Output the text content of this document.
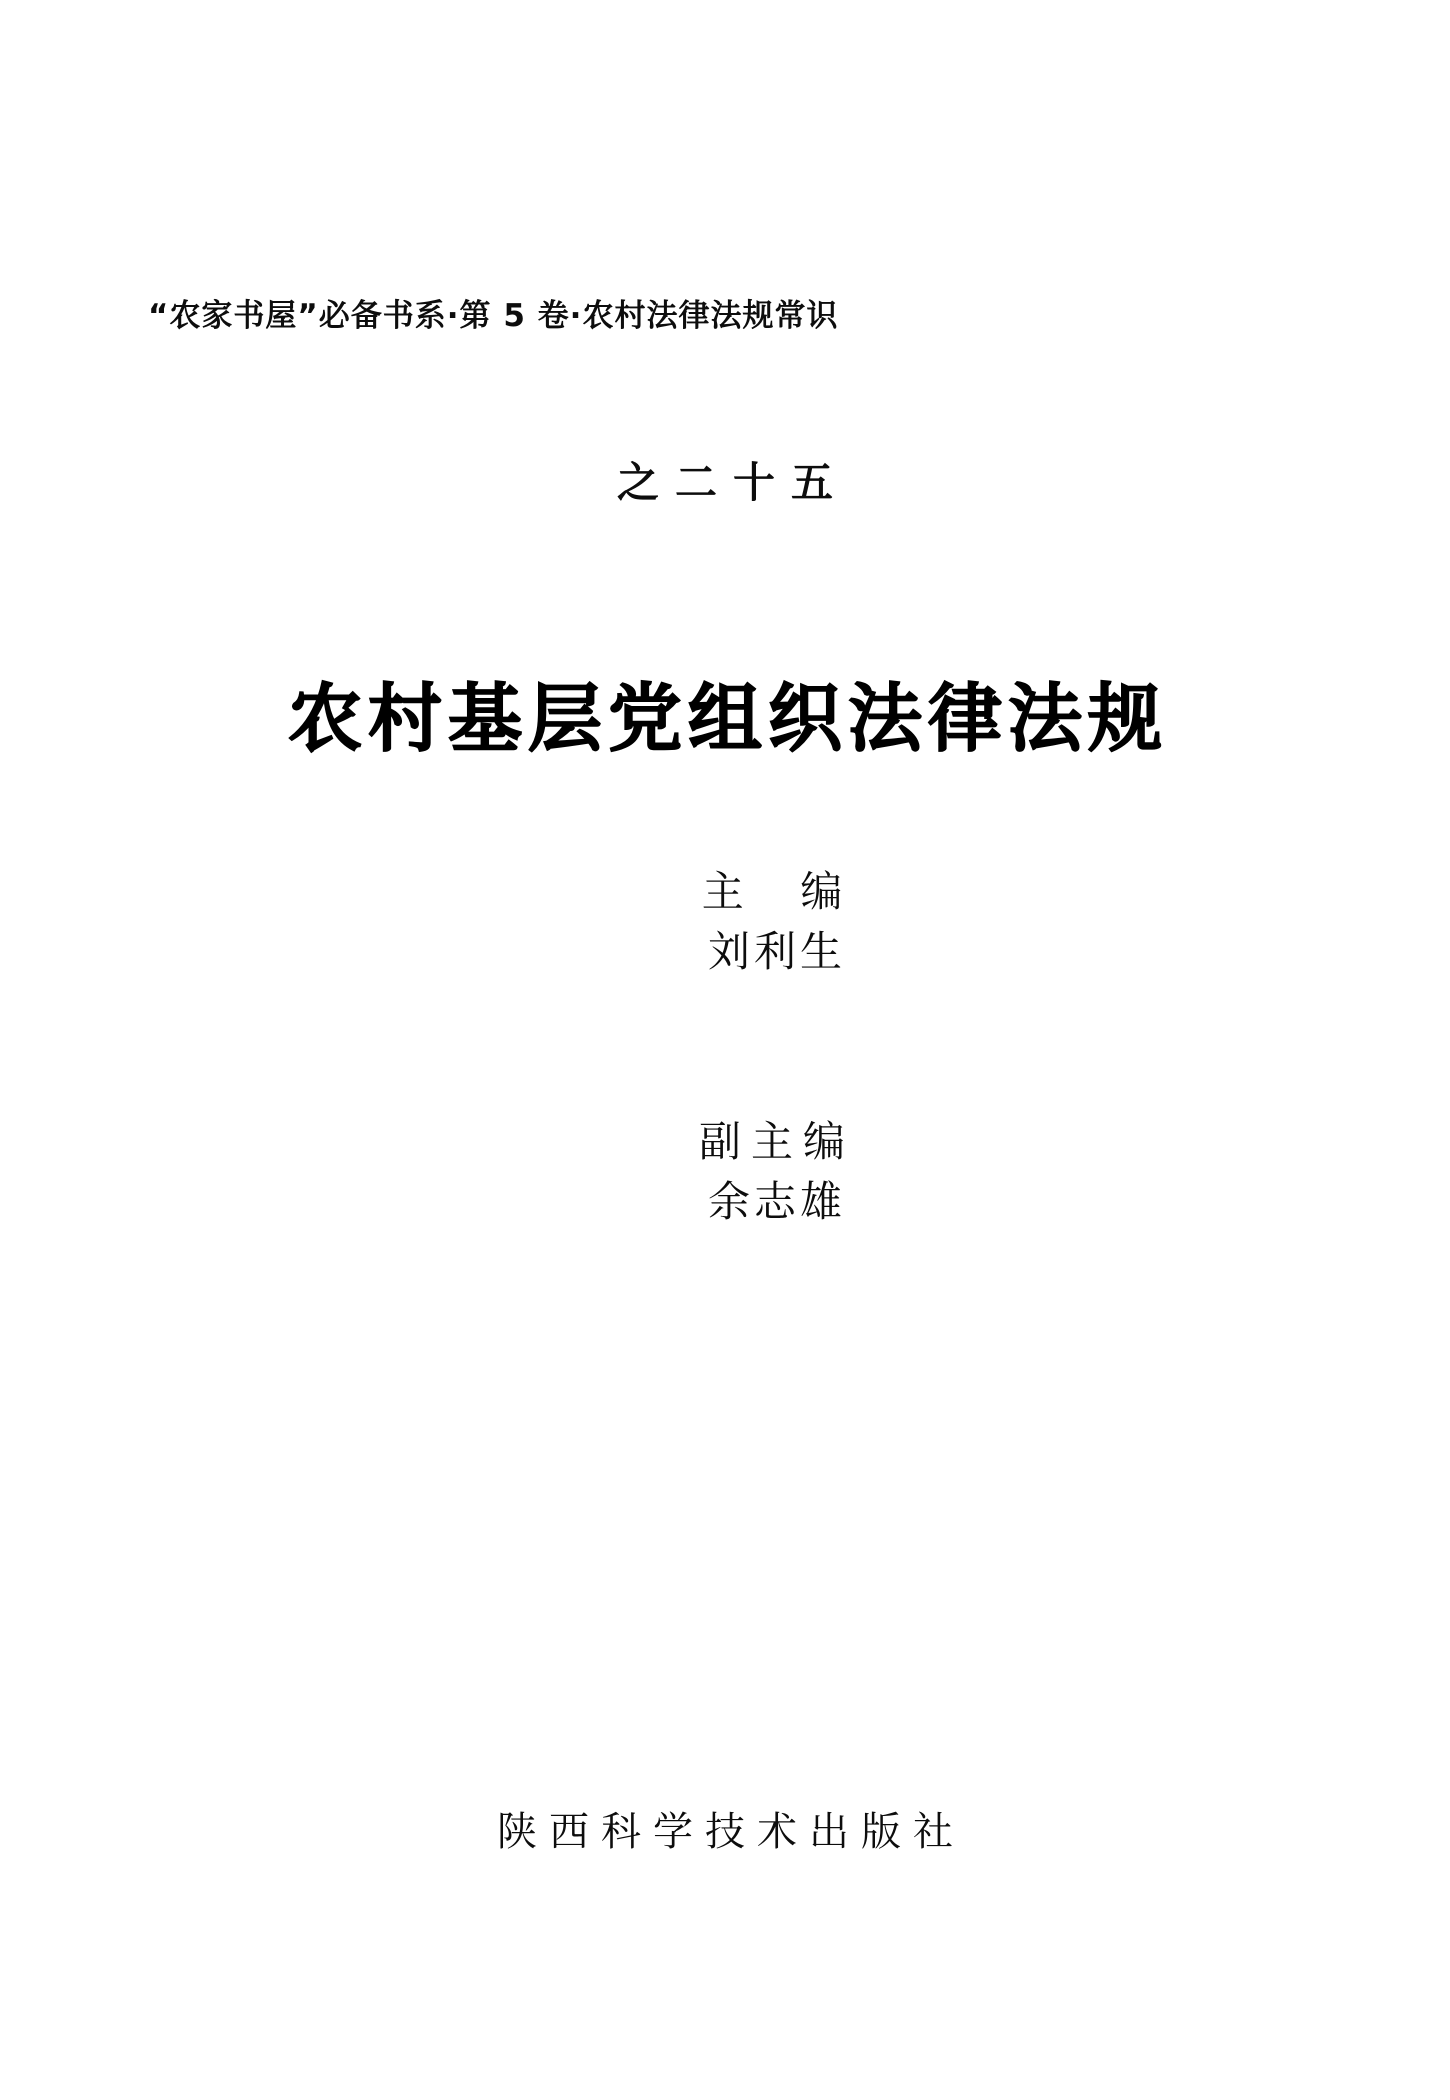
“农家书屋”必备书系·第 5 卷·农村法律法规常识
之二十五
农村基层党组织法律法规

主  编
刘利生

副主编
余志雄

陕西科学技术出版社
